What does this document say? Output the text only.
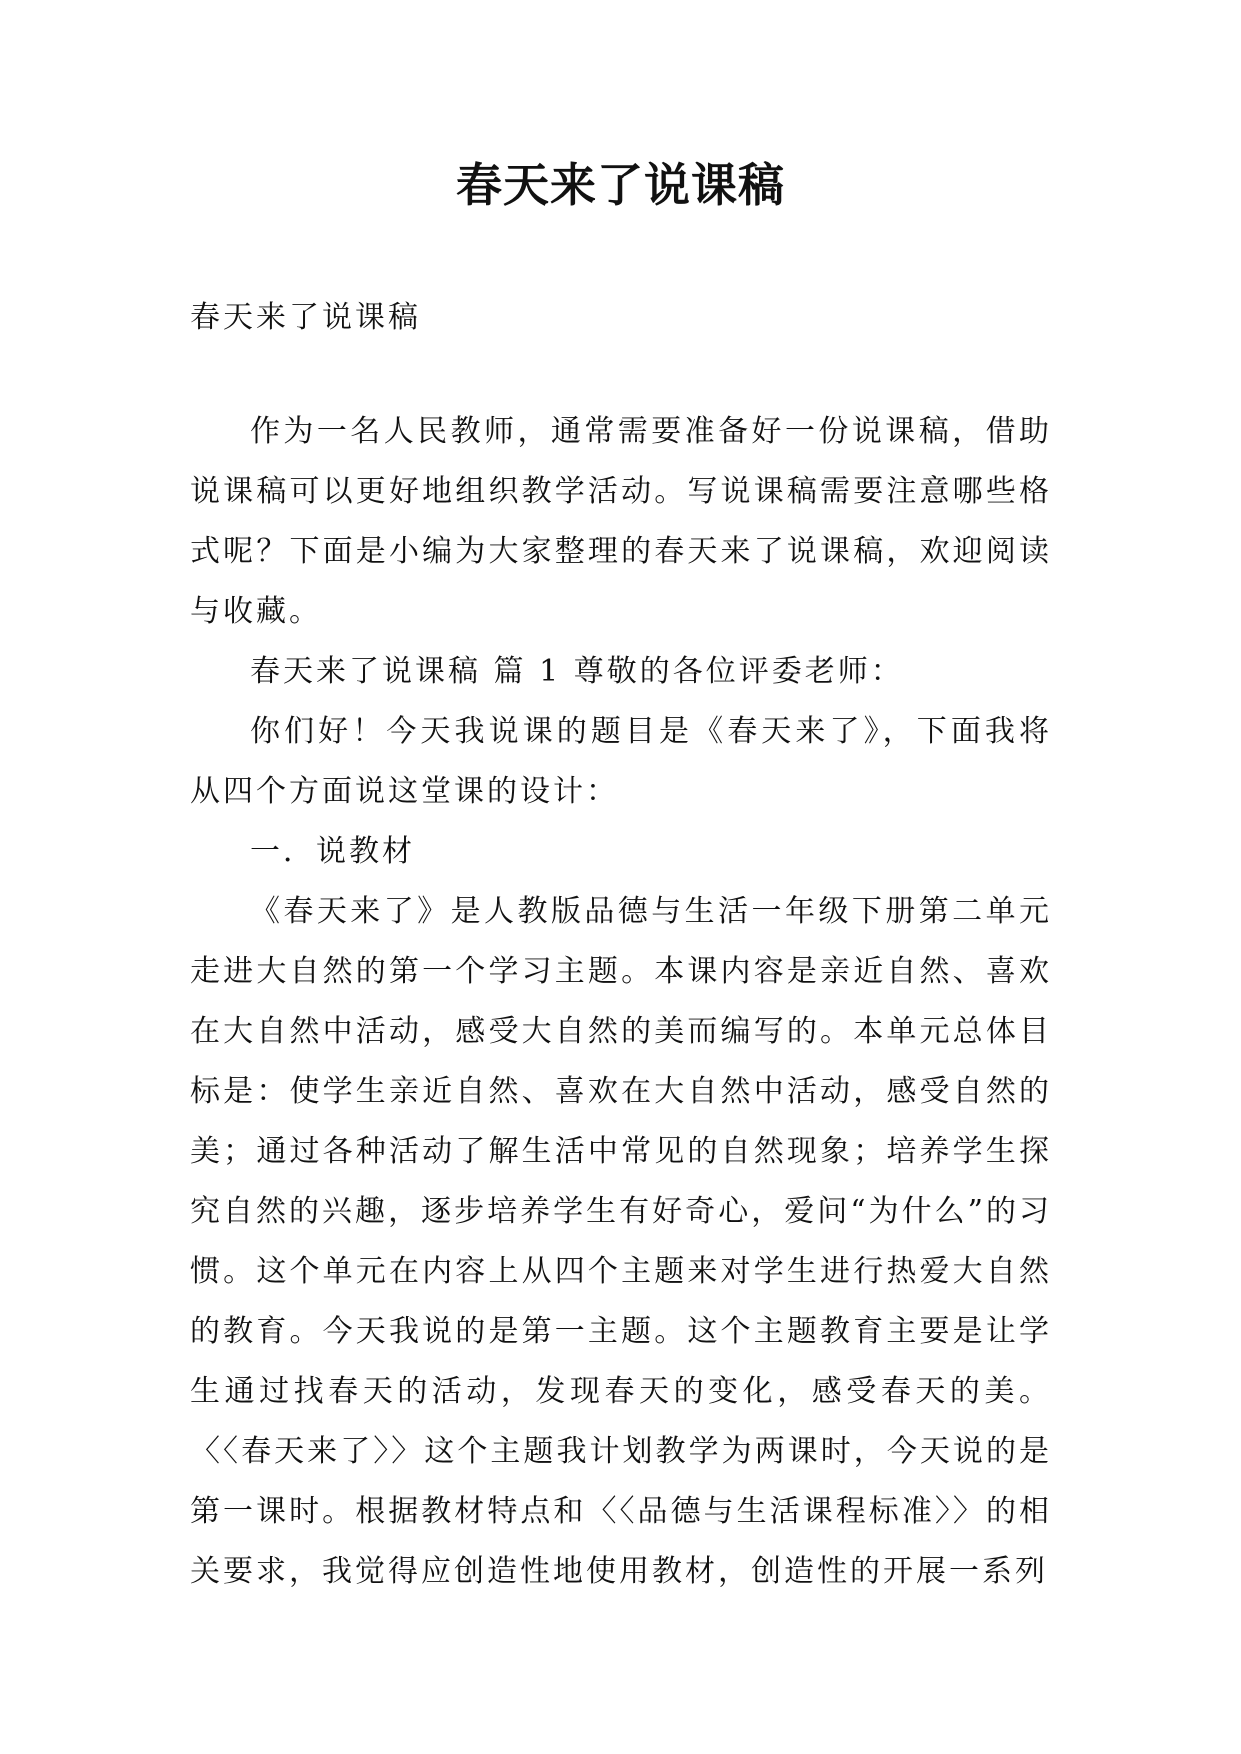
春天来了说课稿
春天来了说课稿

作为一名人民教师，通常需要准备好一份说课稿，借助说课稿可以更好地组织教学活动。写说课稿需要注意哪些格式呢？下面是小编为大家整理的春天来了说课稿，欢迎阅读与收藏。

春天来了说课稿 篇 1 尊敬的各位评委老师：

你们好！今天我说课的题目是《春天来了》，下面我将从四个方面说这堂课的设计：

一．说教材

《春天来了》是人教版品德与生活一年级下册第二单元走进大自然的第一个学习主题。本课内容是亲近自然、喜欢在大自然中活动，感受大自然的美而编写的。本单元总体目标是：使学生亲近自然、喜欢在大自然中活动，感受自然的美；通过各种活动了解生活中常见的自然现象；培养学生探究自然的兴趣，逐步培养学生有好奇心，爱问“为什么”的习惯。这个单元在内容上从四个主题来对学生进行热爱大自然的教育。今天我说的是第一主题。这个主题教育主要是让学生通过找春天的活动，发现春天的变化，感受春天的美。〈〈春天来了〉〉这个主题我计划教学为两课时，今天说的是第一课时。根据教材特点和〈〈品德与生活课程标准〉〉的相关要求，我觉得应创造性地使用教材，创造性的开展一系列
